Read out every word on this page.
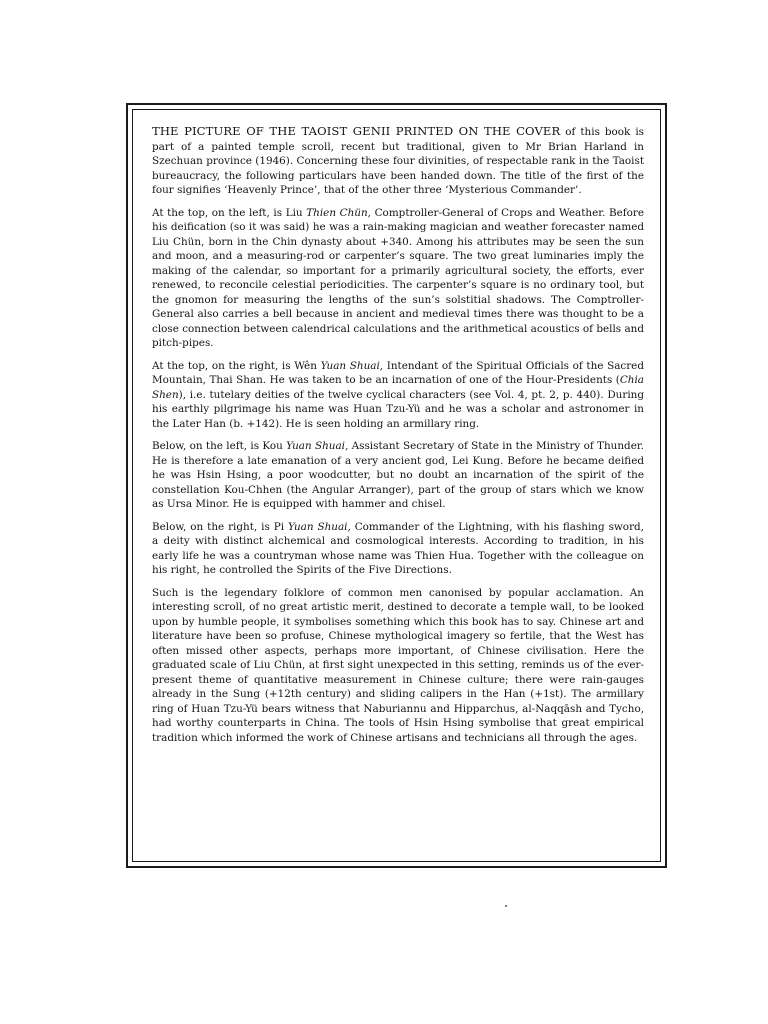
THE PICTURE OF THE TAOIST GENII PRINTED ON THE COVER of this book is part of a painted temple scroll, recent but traditional, given to Mr Brian Harland in Szechuan province (1946). Concerning these four divinities, of respectable rank in the Taoist bureaucracy, the following particulars have been handed down. The title of the first of the four signifies ‘Heavenly Prince’, that of the other three ‘Mysterious Commander’.

At the top, on the left, is Liu Thien Chün, Comptroller-General of Crops and Weather. Before his deification (so it was said) he was a rain-making magician and weather forecaster named Liu Chün, born in the Chin dynasty about +340. Among his attributes may be seen the sun and moon, and a measuring-rod or carpenter’s square. The two great luminaries imply the making of the calendar, so important for a primarily agricultural society, the efforts, ever renewed, to reconcile celestial periodicities. The carpenter’s square is no ordinary tool, but the gnomon for measuring the lengths of the sun’s solstitial shadows. The Comptroller-General also carries a bell because in ancient and medieval times there was thought to be a close connection between calendrical calculations and the arithmetical acoustics of bells and pitch-pipes.

At the top, on the right, is Wên Yuan Shuai, Intendant of the Spiritual Officials of the Sacred Mountain, Thai Shan. He was taken to be an incarnation of one of the Hour-Presidents (Chia Shen), i.e. tutelary deities of the twelve cyclical characters (see Vol. 4, pt. 2, p. 440). During his earthly pilgrimage his name was Huan Tzu-Yü and he was a scholar and astronomer in the Later Han (b. +142). He is seen holding an armillary ring.

Below, on the left, is Kou Yuan Shuai, Assistant Secretary of State in the Ministry of Thunder. He is therefore a late emanation of a very ancient god, Lei Kung. Before he became deified he was Hsin Hsing, a poor woodcutter, but no doubt an incarnation of the spirit of the constellation Kou-Chhen (the Angular Arranger), part of the group of stars which we know as Ursa Minor. He is equipped with hammer and chisel.

Below, on the right, is Pi Yuan Shuai, Commander of the Lightning, with his flashing sword, a deity with distinct alchemical and cosmological interests. According to tradition, in his early life he was a countryman whose name was Thien Hua. Together with the colleague on his right, he controlled the Spirits of the Five Directions.

Such is the legendary folklore of common men canonised by popular acclamation. An interesting scroll, of no great artistic merit, destined to decorate a temple wall, to be looked upon by humble people, it symbolises something which this book has to say. Chinese art and literature have been so profuse, Chinese mythological imagery so fertile, that the West has often missed other aspects, perhaps more important, of Chinese civilisation. Here the graduated scale of Liu Chün, at first sight unexpected in this setting, reminds us of the ever-present theme of quantitative measurement in Chinese culture; there were rain-gauges already in the Sung (+12th century) and sliding calipers in the Han (+1st). The armillary ring of Huan Tzu-Yü bears witness that Naburiannu and Hipparchus, al-Naqqāsh and Tycho, had worthy counterparts in China. The tools of Hsin Hsing symbolise that great empirical tradition which informed the work of Chinese artisans and technicians all through the ages.
